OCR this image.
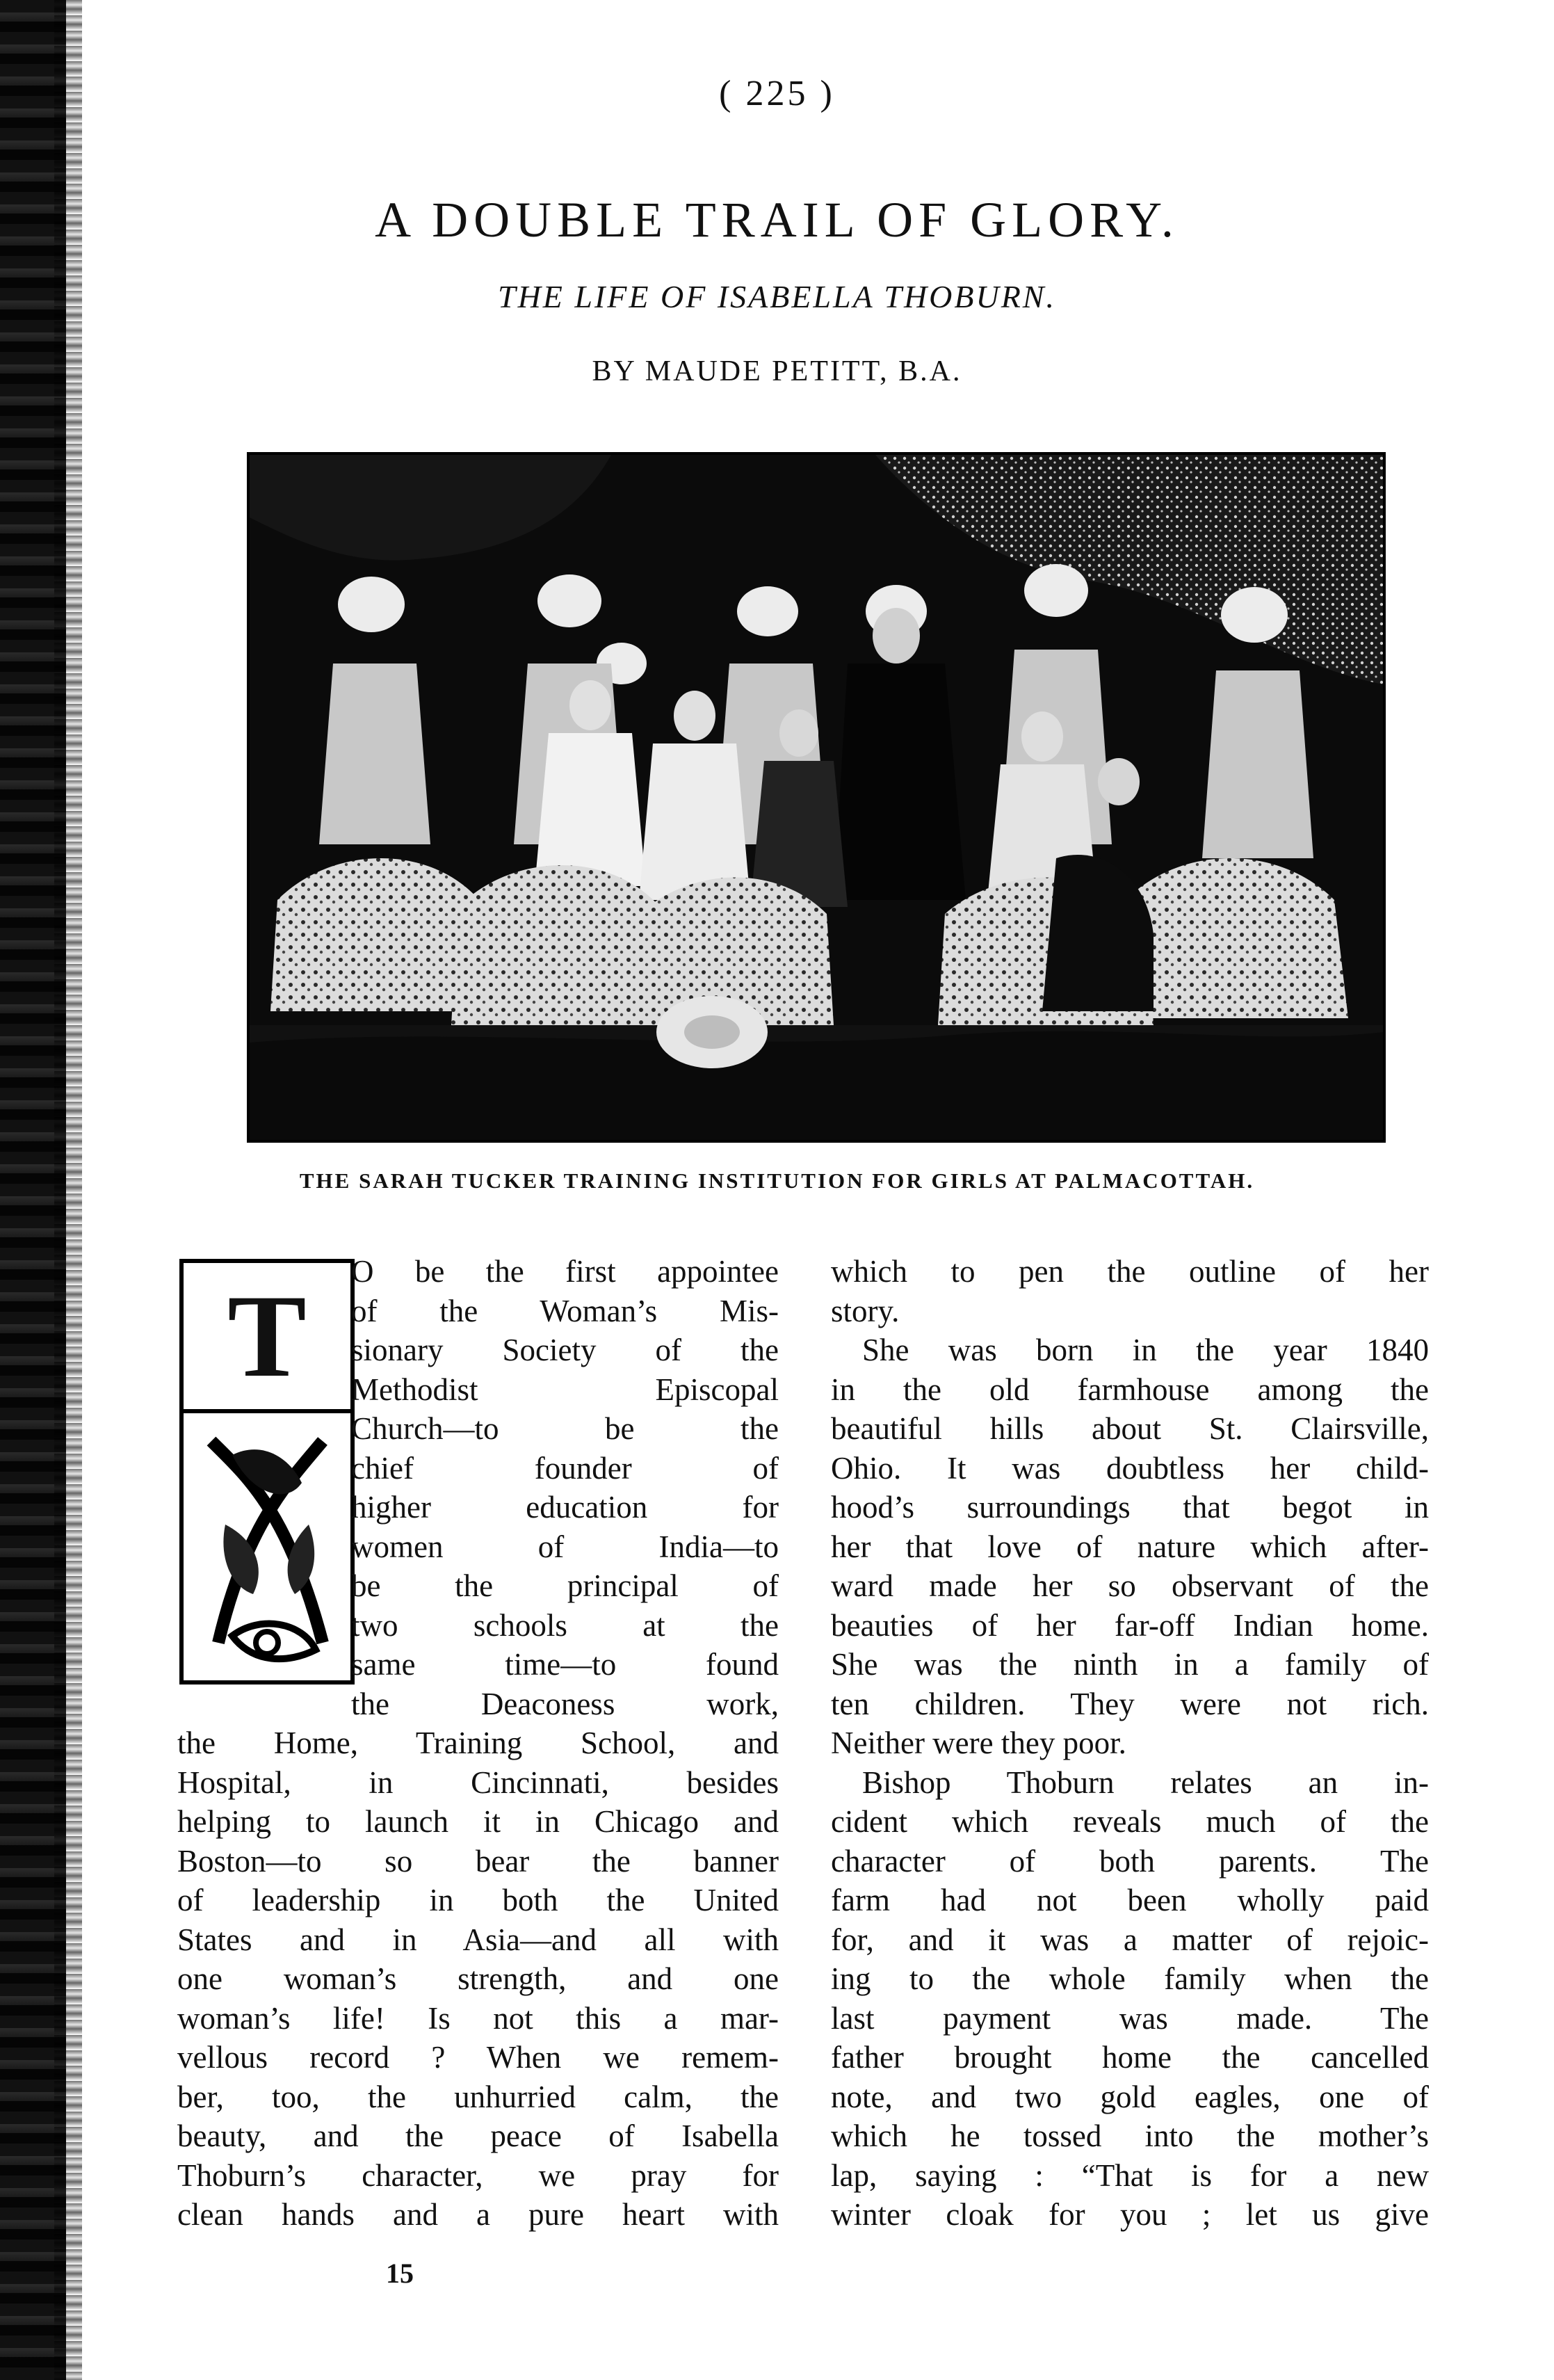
( 225 )
A DOUBLE TRAIL OF GLORY.
THE LIFE OF ISABELLA THOBURN.
BY MAUDE PETITT, B.A.
THE SARAH TUCKER TRAINING INSTITUTION FOR GIRLS AT PALMACOTTAH.
T	O be the first appointee
of the Woman’s Mis-
sionary Society of the
Methodist Episcopal
Church—to be the
chief founder of
higher education for
women of India—to
be the principal of
two schools at the
same time—to found
the Deaconess work,
the Home, Training School, and
Hospital, in Cincinnati, besides
helping to launch it in Chicago and
Boston—to so bear the banner
of leadership in both the United
States and in Asia—and all with
one woman’s strength, and one
woman’s life! Is not this a mar-
vellous record ? When we remem-
ber, too, the unhurried calm, the
beauty, and the peace of Isabella
Thoburn’s character, we pray for
clean hands and a pure heart with
which to pen the outline of her
story.
She was born in the year 1840
in the old farmhouse among the
beautiful hills about St. Clairsville,
Ohio. It was doubtless her child-
hood’s surroundings that begot in
her that love of nature which after-
ward made her so observant of the
beauties of her far-off Indian home.
She was the ninth in a family of
ten children. They were not rich.
Neither were they poor.
Bishop Thoburn relates an in-
cident which reveals much of the
character of both parents. The
farm had not been wholly paid
for, and it was a matter of rejoic-
ing to the whole family when the
last payment was made. The
father brought home the cancelled
note, and two gold eagles, one of
which he tossed into the mother’s
lap, saying : “That is for a new
winter cloak for you ; let us give
15
